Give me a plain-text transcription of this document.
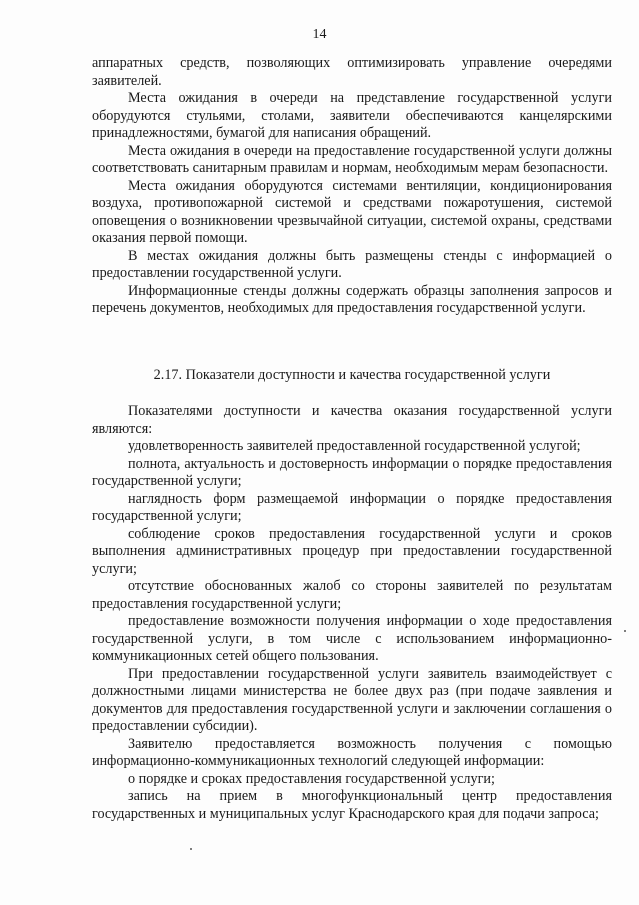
14

аппаратных средств, позволяющих оптимизировать управление очередями заявителей.

Места ожидания в очереди на представление государственной услуги оборудуются стульями, столами, заявители обеспечиваются канцелярскими принадлежностями, бумагой для написания обращений.

Места ожидания в очереди на предоставление государственной услуги должны соответствовать санитарным правилам и нормам, необходимым мерам безопасности.

Места ожидания оборудуются системами вентиляции, кондиционирования воздуха, противопожарной системой и средствами пожаротушения, системой оповещения о возникновении чрезвычайной ситуации, системой охраны, средствами оказания первой помощи.

В местах ожидания должны быть размещены стенды с информацией о предоставлении государственной услуги.

Информационные стенды должны содержать образцы заполнения запросов и перечень документов, необходимых для предоставления государственной услуги.

2.17. Показатели доступности и качества государственной услуги

Показателями доступности и качества оказания государственной услуги являются:

удовлетворенность заявителей предоставленной государственной услугой;

полнота, актуальность и достоверность информации о порядке предоставления государственной услуги;

наглядность форм размещаемой информации о порядке предоставления государственной услуги;

соблюдение сроков предоставления государственной услуги и сроков выполнения административных процедур при предоставлении государственной услуги;

отсутствие обоснованных жалоб со стороны заявителей по результатам предоставления государственной услуги;

предоставление возможности получения информации о ходе предоставления государственной услуги, в том числе с использованием информационно-коммуникационных сетей общего пользования.

При предоставлении государственной услуги заявитель взаимодействует с должностными лицами министерства не более двух раз (при подаче заявления и документов для предоставления государственной услуги и заключении соглашения о предоставлении субсидии).

Заявителю предоставляется возможность получения с помощью информационно-коммуникационных технологий следующей информации:

о порядке и сроках предоставления государственной услуги;

запись на прием в многофункциональный центр предоставления государственных и муниципальных услуг Краснодарского края для подачи запроса;
